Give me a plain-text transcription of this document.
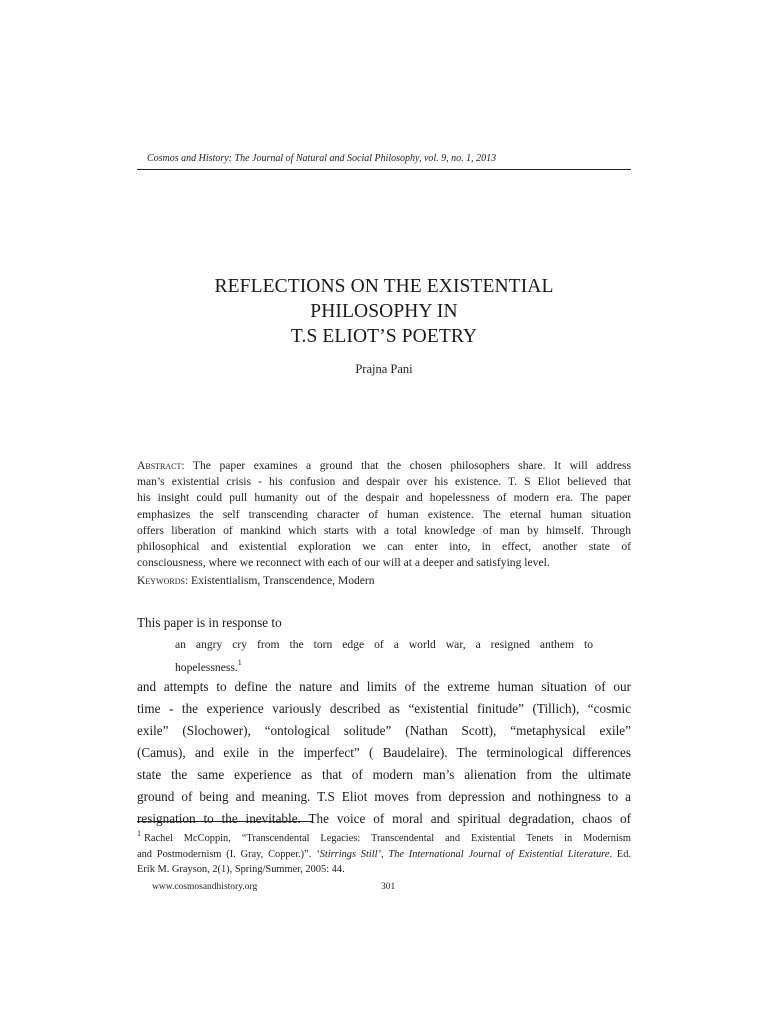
Cosmos and History: The Journal of Natural and Social Philosophy, vol. 9, no. 1, 2013
REFLECTIONS ON THE EXISTENTIAL
PHILOSOPHY IN
T.S ELIOT’S POETRY
Prajna Pani
Abstract: The paper examines a ground that the chosen philosophers share. It will address
man’s existential crisis - his confusion and despair over his existence. T. S Eliot believed that
his insight could pull humanity out of the despair and hopelessness of modern era. The paper
emphasizes the self transcending character of human existence. The eternal human situation
offers liberation of mankind which starts with a total knowledge of man by himself. Through
philosophical and existential exploration we can enter into, in effect, another state of
consciousness, where we reconnect with each of our will at a deeper and satisfying level.
Keywords: Existentialism, Transcendence, Modern
This paper is in response to
an angry cry from the torn edge of a world war, a resigned anthem to
hopelessness.$^1$
and attempts to define the nature and limits of the extreme human situation of our
time - the experience variously described as “existential finitude” (Tillich), “cosmic
exile” (Slochower), “ontological solitude” (Nathan Scott), “metaphysical exile”
(Camus), and exile in the imperfect” ( Baudelaire). The terminological differences
state the same experience as that of modern man’s alienation from the ultimate
ground of being and meaning. T.S Eliot moves from depression and nothingness to a
resignation to the inevitable. The voice of moral and spiritual degradation, chaos of
$^1$ Rachel McCoppin, “Transcendental Legacies: Transcendental and Existential Tenets in Modernism
and Postmodernism (I. Gray, Copper.)”. ‘Stirrings Still’, The International Journal of Existential Literature. Ed.
Erik M. Grayson, 2(1), Spring/Summer, 2005: 44.
www.cosmosandhistory.org	301
